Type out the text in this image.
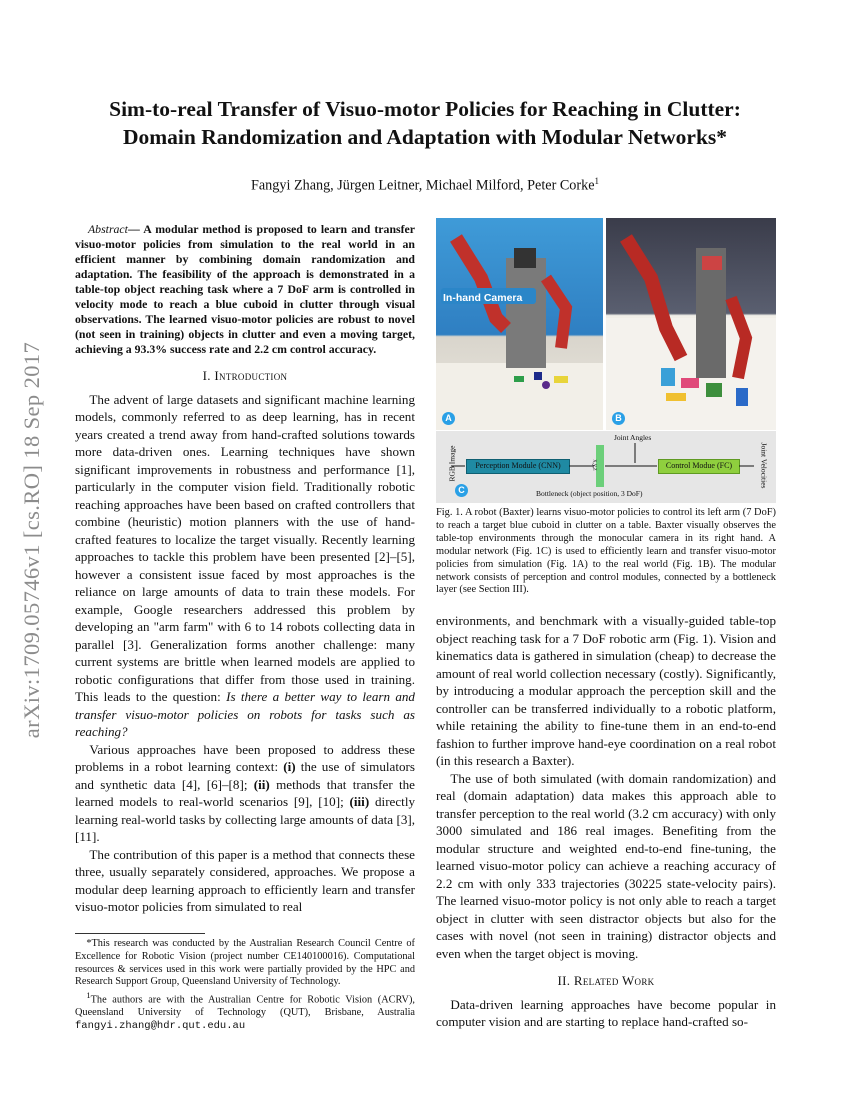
arXiv:1709.05746v1 [cs.RO] 18 Sep 2017
Sim-to-real Transfer of Visuo-motor Policies for Reaching in Clutter:
Domain Randomization and Adaptation with Modular Networks*
Fangyi Zhang, Jürgen Leitner, Michael Milford, Peter Corke$^1$

Abstract— A modular method is proposed to learn and transfer visuo-motor policies from simulation to the real world in an efficient manner by combining domain randomization and adaptation. The feasibility of the approach is demonstrated in a table-top object reaching task where a 7 DoF arm is controlled in velocity mode to reach a blue cuboid in clutter through visual observations. The learned visuo-motor policies are robust to novel (not seen in training) objects in clutter and even a moving target, achieving a 93.3% success rate and 2.2 cm control accuracy.

I. Introduction

The advent of large datasets and significant machine learning models, commonly referred to as deep learning, has in recent years created a trend away from hand-crafted solutions towards more data-driven ones. Learning techniques have shown significant improvements in robustness and performance [1], particularly in the computer vision field. Traditionally robotic reaching approaches have been based on crafted controllers that combine (heuristic) motion planners with the use of hand-crafted features to localize the target visually. Recently learning approaches to tackle this problem have been presented [2]–[5], however a consistent issue faced by most approaches is the reliance on large amounts of data to train these models. For example, Google researchers addressed this problem by developing an "arm farm" with 6 to 14 robots collecting data in parallel [3]. Generalization forms another challenge: many current systems are brittle when learned models are applied to robotic configurations that differ from those used in training. This leads to the question: Is there a better way to learn and transfer visuo-motor policies on robots for tasks such as reaching?

Various approaches have been proposed to address these problems in a robot learning context: (i) the use of simulators and synthetic data [4], [6]–[8]; (ii) methods that transfer the learned models to real-world scenarios [9], [10]; (iii) directly learning real-world tasks by collecting large amounts of data [3], [11].

The contribution of this paper is a method that connects these three, usually separately considered, approaches. We propose a modular deep learning approach to efficiently learn and transfer visuo-motor policies from simulated to real

*This research was conducted by the Australian Research Council Centre of Excellence for Robotic Vision (project number CE140100016). Computational resources & services used in this work were partially provided by the HPC and Research Support Group, Queensland University of Technology.

$^1$The authors are with the Australian Centre for Robotic Vision (ACRV), Queensland University of Technology (QUT), Brisbane, Australia fangyi.zhang@hdr.qut.edu.au

In-hand Camera
A	B
RGB Image	Perception Module (CNN)	x,y,z
Joint Angles
Control Modue (FC)	Joint Velocities
Bottleneck (object position, 3 DoF)
C
Fig. 1. A robot (Baxter) learns visuo-motor policies to control its left arm (7 DoF) to reach a target blue cuboid in clutter on a table. Baxter visually observes the table-top environments through the monocular camera in its right hand. A modular network (Fig. 1C) is used to efficiently learn and transfer visuo-motor policies from simulation (Fig. 1A) to the real world (Fig. 1B). The modular network consists of perception and control modules, connected by a bottleneck layer (see Section III).

environments, and benchmark with a visually-guided table-top object reaching task for a 7 DoF robotic arm (Fig. 1). Vision and kinematics data is gathered in simulation (cheap) to decrease the amount of real world collection necessary (costly). Significantly, by introducing a modular approach the perception skill and the controller can be transferred individually to a robotic platform, while retaining the ability to fine-tune them in an end-to-end fashion to further improve hand-eye coordination on a real robot (in this research a Baxter).

The use of both simulated (with domain randomization) and real (domain adaptation) data makes this approach able to transfer perception to the real world (3.2 cm accuracy) with only 3000 simulated and 186 real images. Benefiting from the modular structure and weighted end-to-end fine-tuning, the learned visuo-motor policy can achieve a reaching accuracy of 2.2 cm with only 333 trajectories (30225 state-velocity pairs). The learned visuo-motor policy is not only able to reach a target object in clutter with seen distractor objects but also for the cases with novel (not seen in training) distractor objects and even when the target object is moving.

II. Related Work

Data-driven learning approaches have become popular in computer vision and are starting to replace hand-crafted so-
